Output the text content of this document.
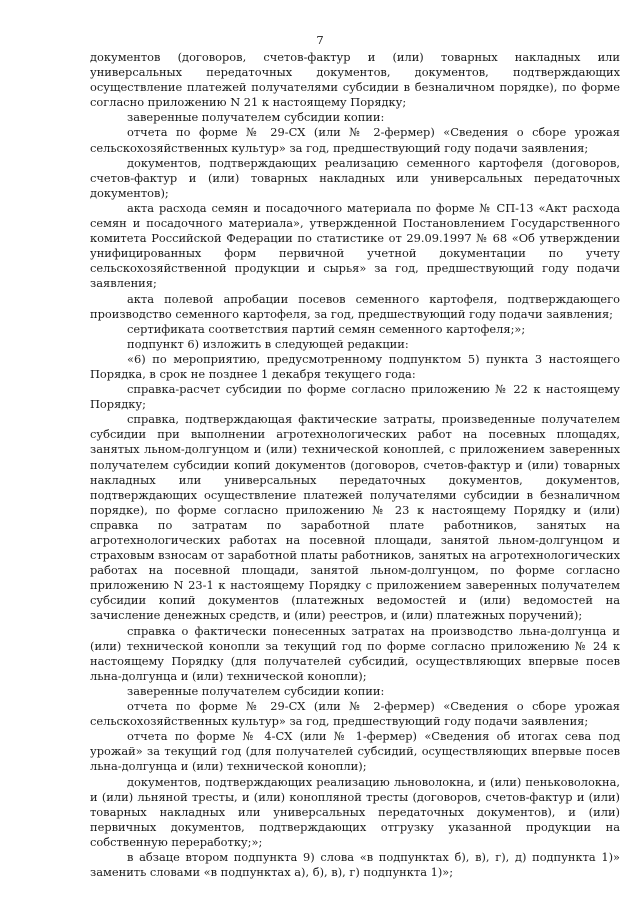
7

документов (договоров, счетов-фактур и (или) товарных накладных или универсальных передаточных документов, документов, подтверждающих осуществление платежей получателями субсидии в безналичном порядке), по форме согласно приложению N 21 к настоящему Порядку;

заверенные получателем субсидии копии:

отчета по форме № 29-СХ (или № 2-фермер) «Сведения о сборе урожая сельскохозяйственных культур» за год, предшествующий году подачи заявления;

документов, подтверждающих реализацию семенного картофеля (договоров, счетов-фактур и (или) товарных накладных или универсальных передаточных документов);

акта расхода семян и посадочного материала по форме № СП-13 «Акт расхода семян и посадочного материала», утвержденной Постановлением Государственного комитета Российской Федерации по статистике от 29.09.1997 № 68 «Об утверждении унифицированных форм первичной учетной документации по учету сельскохозяйственной продукции и сырья» за год, предшествующий году подачи заявления;

акта полевой апробации посевов семенного картофеля, подтверждающего производство семенного картофеля, за год, предшествующий году подачи заявления;

сертификата соответствия партий семян семенного картофеля;»;

подпункт 6) изложить в следующей редакции:

«6) по мероприятию, предусмотренному подпунктом 5) пункта 3 настоящего Порядка, в срок не позднее 1 декабря текущего года:

справка-расчет субсидии по форме согласно приложению № 22 к настоящему Порядку;

справка, подтверждающая фактические затраты, произведенные получателем субсидии при выполнении агротехнологических работ на посевных площадях, занятых льном-долгунцом и (или) технической коноплей, с приложением заверенных получателем субсидии копий документов (договоров, счетов-фактур и (или) товарных накладных или универсальных передаточных документов, документов, подтверждающих осуществление платежей получателями субсидии в безналичном порядке), по форме согласно приложению № 23 к настоящему Порядку и (или) справка по затратам по заработной плате работников, занятых на агротехнологических работах на посевной площади, занятой льном-долгунцом и страховым взносам от заработной платы работников, занятых на агротехнологических работах на посевной площади, занятой льном-долгунцом, по форме согласно приложению N 23-1 к настоящему Порядку с приложением заверенных получателем субсидии копий документов (платежных ведомостей и (или) ведомостей на зачисление денежных средств, и (или) реестров, и (или) платежных поручений);

справка о фактически понесенных затратах на производство льна-долгунца и (или) технической конопли за текущий год по форме согласно приложению № 24 к настоящему Порядку (для получателей субсидий, осуществляющих впервые посев льна-долгунца и (или) технической конопли);

заверенные получателем субсидии копии:

отчета по форме № 29-СХ (или № 2-фермер) «Сведения о сборе урожая сельскохозяйственных культур» за год, предшествующий году подачи заявления;

отчета по форме № 4-СХ (или № 1-фермер) «Сведения об итогах сева под урожай» за текущий год (для получателей субсидий, осуществляющих впервые посев льна-долгунца и (или) технической конопли);

документов, подтверждающих реализацию льноволокна, и (или) пеньковолокна, и (или) льняной тресты, и (или) конопляной тресты (договоров, счетов-фактур и (или) товарных накладных или универсальных передаточных документов), и (или) первичных документов, подтверждающих отгрузку указанной продукции на собственную переработку;»;

в абзаце втором подпункта 9) слова «в подпунктах б), в), г), д) подпункта 1)» заменить словами «в подпунктах а), б), в), г) подпункта 1)»;
